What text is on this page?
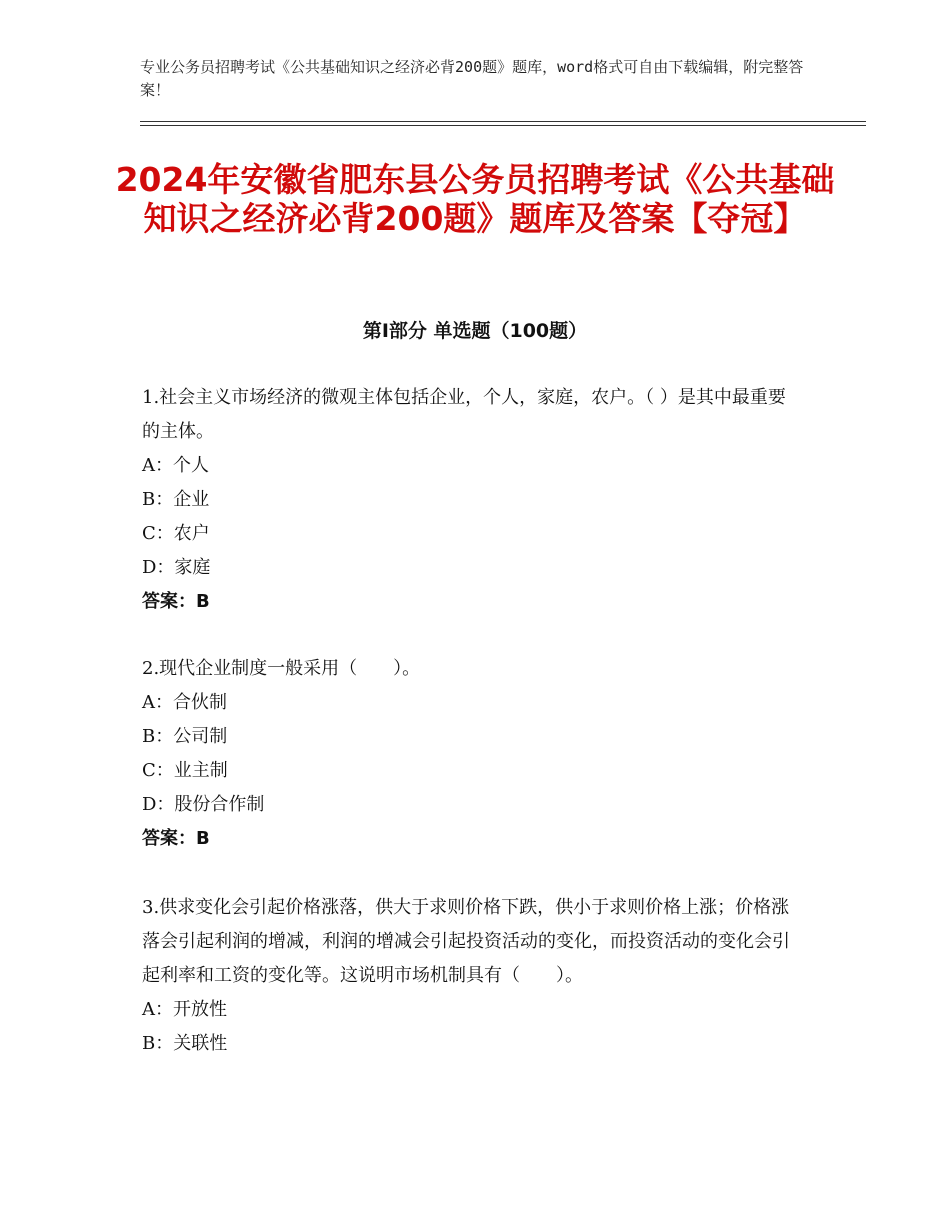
专业公务员招聘考试《公共基础知识之经济必背200题》题库，word格式可自由下载编辑，附完整答案！
2024年安徽省肥东县公务员招聘考试《公共基础知识之经济必背200题》题库及答案【夺冠】
第I部分 单选题（100题）

1.社会主义市场经济的微观主体包括企业，个人，家庭，农户。（ ）是其中最重要的主体。

A：个人

B：企业

C：农户

D：家庭

答案：B

2.现代企业制度一般采用（　　）。

A：合伙制

B：公司制

C：业主制

D：股份合作制

答案：B

3.供求变化会引起价格涨落，供大于求则价格下跌，供小于求则价格上涨；价格涨落会引起利润的增减，利润的增减会引起投资活动的变化，而投资活动的变化会引起利率和工资的变化等。这说明市场机制具有（　　）。

A：开放性

B：关联性
